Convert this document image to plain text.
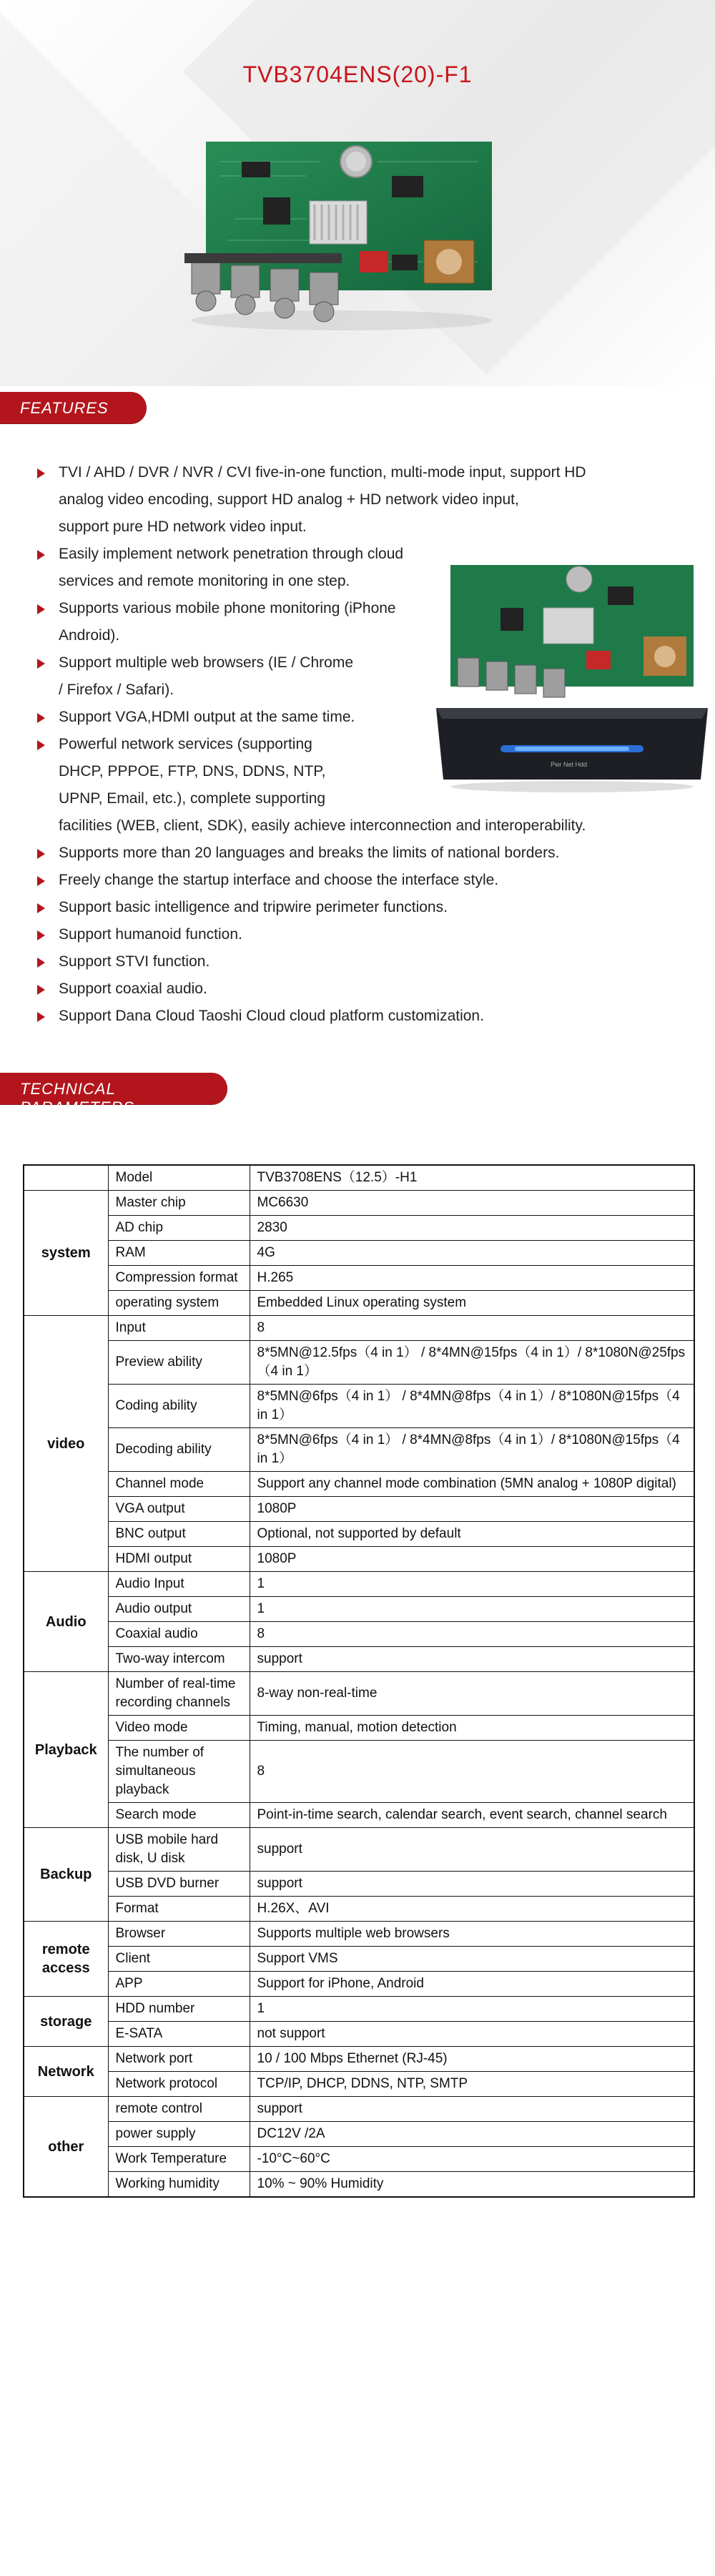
TVB3704ENS(20)-F1
FEATURES
Pwr Net Hdd
TVI / AHD / DVR / NVR / CVI five-in-one function, multi-mode input, support HD
analog video encoding, support HD analog + HD network video input,
support pure HD network video input.
Easily implement network penetration through cloud
services and remote monitoring in one step.
Supports various mobile phone monitoring (iPhone
Android).
Support multiple web browsers (IE / Chrome
/ Firefox / Safari).
Support VGA,HDMI output at the same time.
Powerful network services (supporting
DHCP, PPPOE, FTP, DNS, DDNS, NTP,
UPNP, Email, etc.), complete supporting
facilities (WEB, client, SDK), easily achieve interconnection and interoperability.
Supports more than 20 languages and breaks the limits of national borders.
Freely change the startup interface and choose the interface style.
Support basic intelligence and tripwire perimeter functions.
Support humanoid function.
Support STVI function.
Support coaxial audio.
Support Dana Cloud Taoshi Cloud cloud platform customization.
TECHNICAL PARAMETERS
	Model	TVB3708ENS（12.5）-H1
system	Master chip	MC6630
	AD chip	2830
	RAM	4G
	Compression format	H.265
	operating system	Embedded Linux operating system
video	Input	8
	Preview ability	8*5MN@12.5fps（4 in 1） / 8*4MN@15fps（4 in 1）/ 8*1080N@25fps（4 in 1）
	Coding ability	8*5MN@6fps（4 in 1） / 8*4MN@8fps（4 in 1）/ 8*1080N@15fps（4 in 1）
	Decoding ability	8*5MN@6fps（4 in 1） / 8*4MN@8fps（4 in 1）/ 8*1080N@15fps（4 in 1）
	Channel mode	Support any channel mode combination (5MN analog + 1080P digital)
	VGA output	1080P
	BNC output	Optional, not supported by default
	HDMI output	1080P
Audio	Audio Input	1
	Audio output	1
	Coaxial audio	8
	Two-way intercom	support
Playback	Number of real-time recording channels	8-way non-real-time
	Video mode	Timing, manual, motion detection
	The number of simultaneous playback	8
	Search mode	Point-in-time search, calendar search, event search, channel search
Backup	USB mobile hard disk, U disk	support
	USB DVD burner	support
	Format	H.26X、AVI
remote access	Browser	Supports multiple web browsers
	Client	Support VMS
	APP	Support for iPhone, Android
storage	HDD number	1
	E-SATA	not support
Network	Network port	10 / 100 Mbps Ethernet (RJ-45)
	Network protocol	TCP/IP, DHCP, DDNS, NTP, SMTP
other	remote control	support
	power supply	DC12V /2A
	Work Temperature	-10°C~60°C
	Working humidity	10% ~ 90% Humidity
